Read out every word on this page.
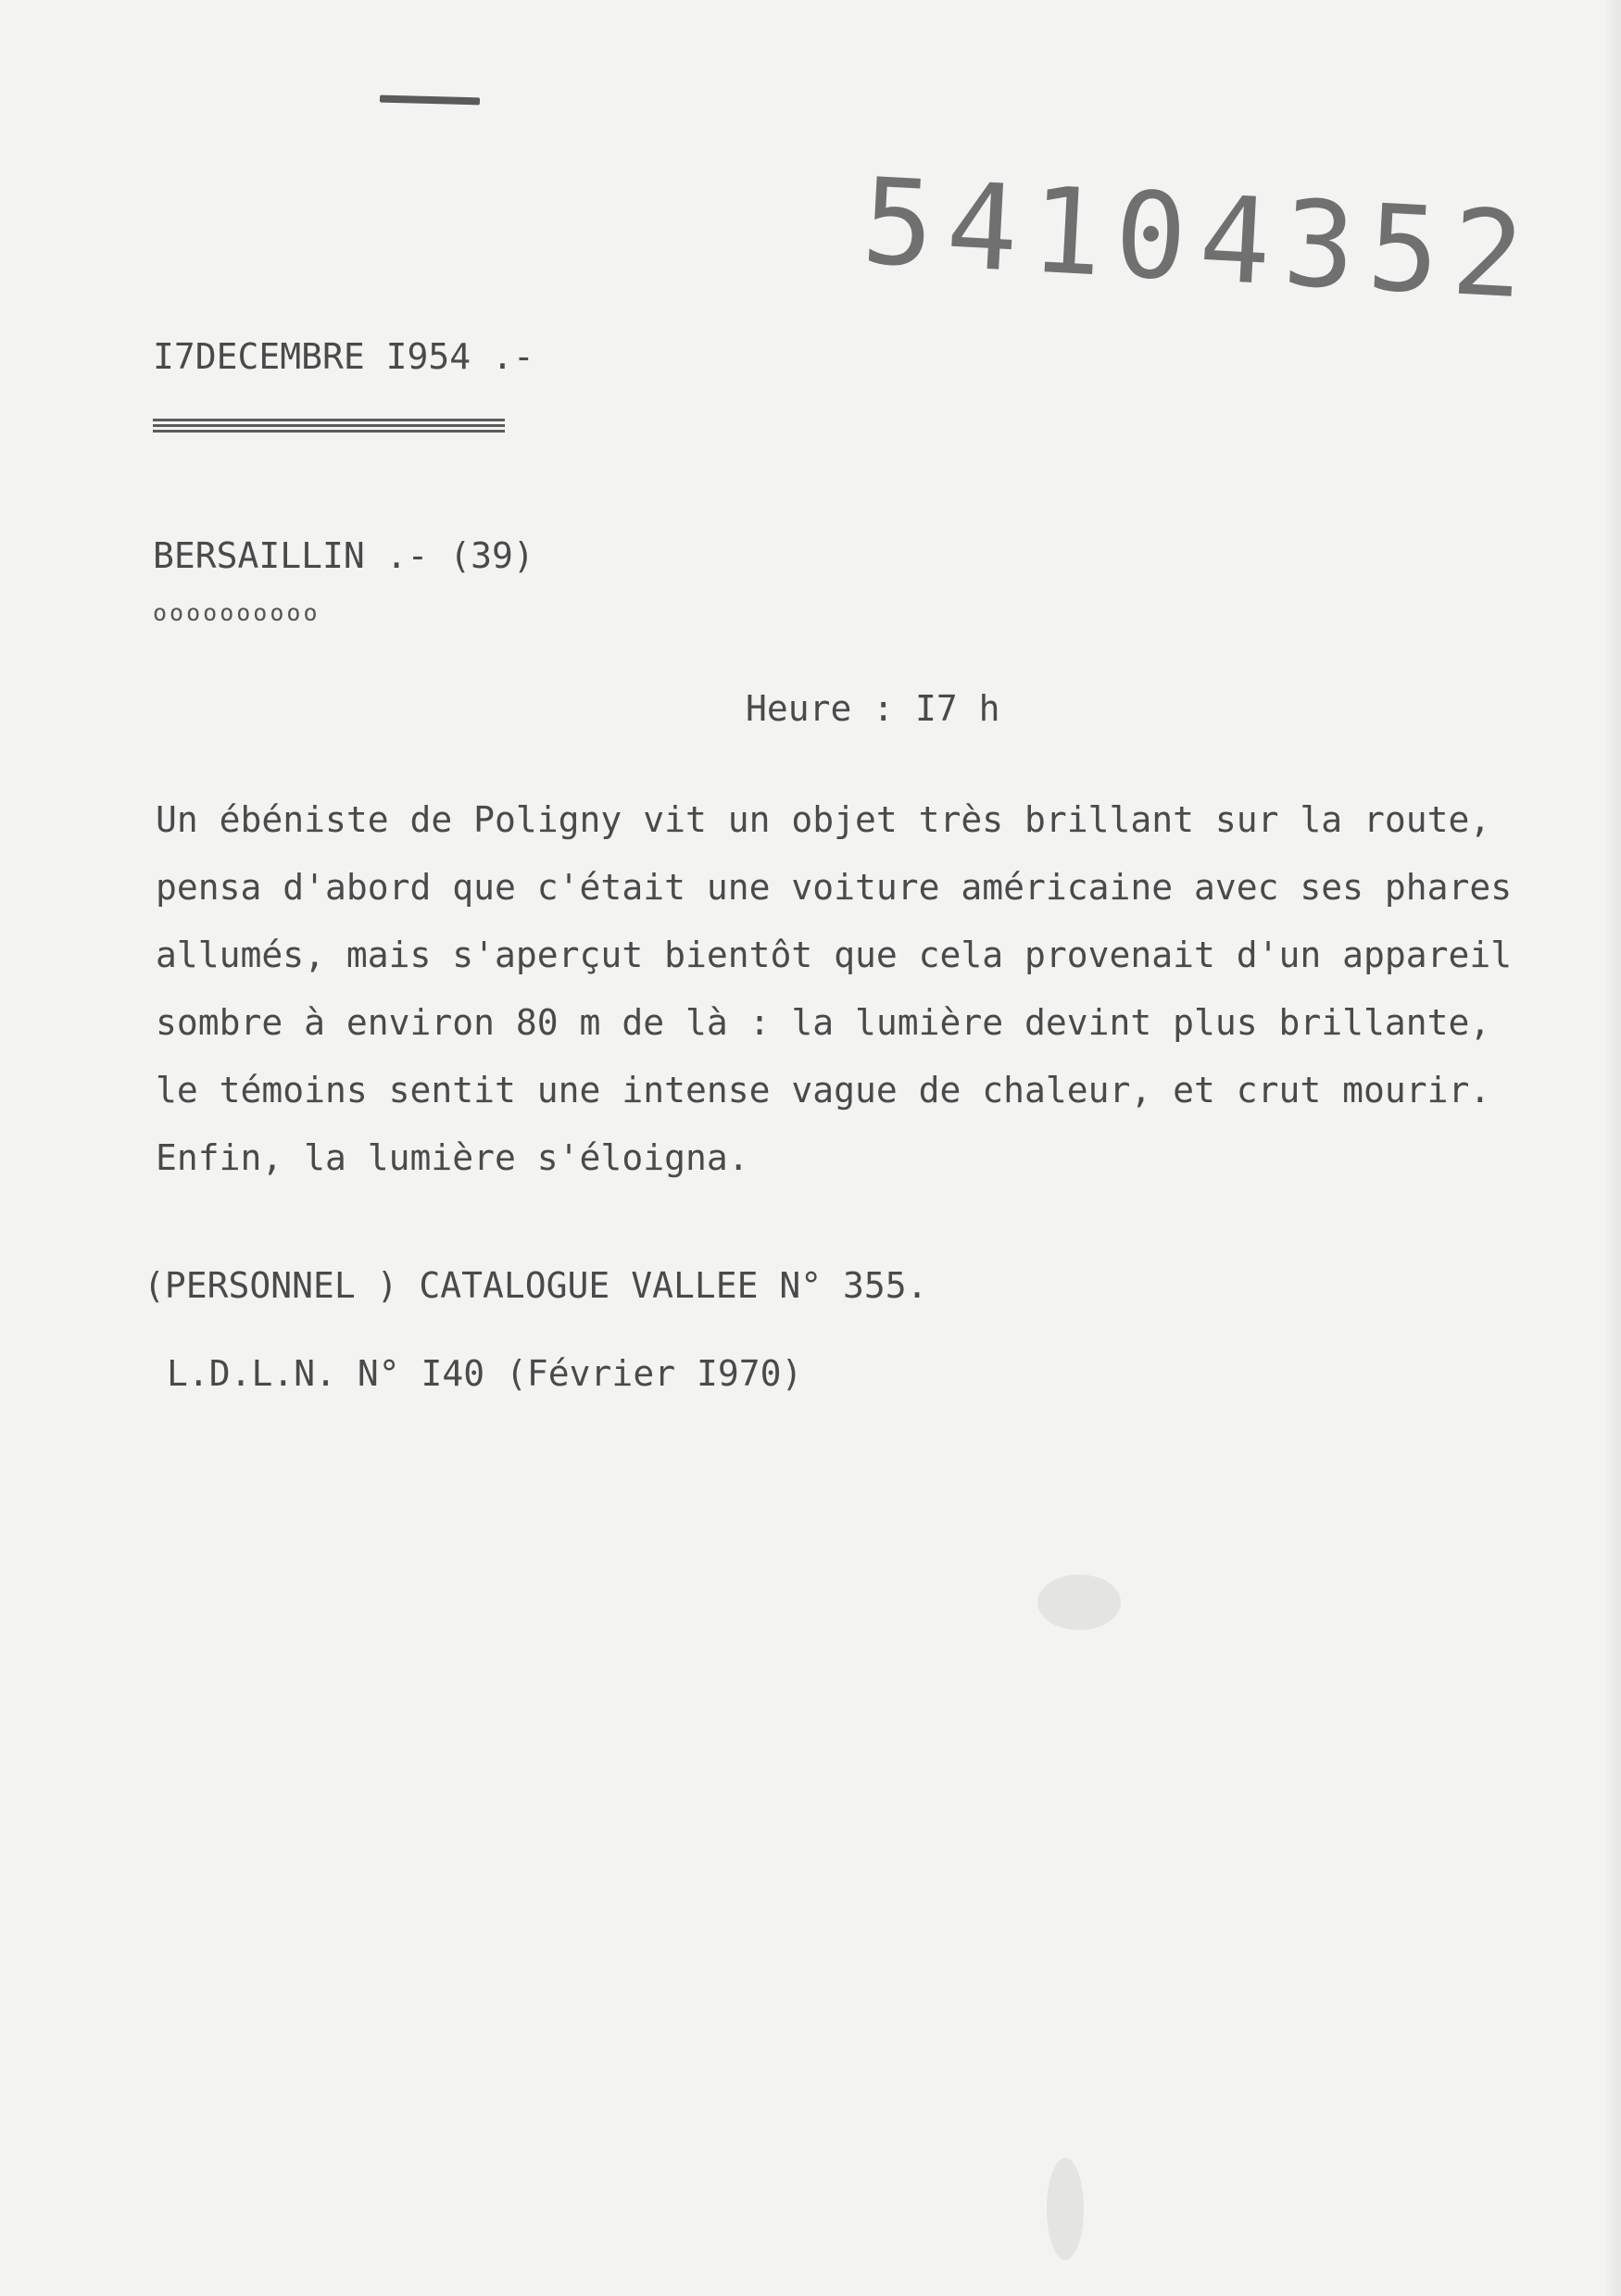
54104352
I7DECEMBRE I954 .-
BERSAILLIN .- (39)
oooooooooo
Heure : I7 h
Un ébéniste de Poligny vit un objet très brillant sur la route,
pensa d'abord que c'était une voiture américaine avec ses phares
allumés, mais s'aperçut bientôt que cela provenait d'un appareil
sombre à environ 80 m de là : la lumière devint plus brillante,
le témoins sentit une intense vague de chaleur, et crut mourir.
Enfin, la lumière s'éloigna.
(PERSONNEL ) CATALOGUE VALLEE N° 355.
L.D.L.N. N° I40 (Février I970)
